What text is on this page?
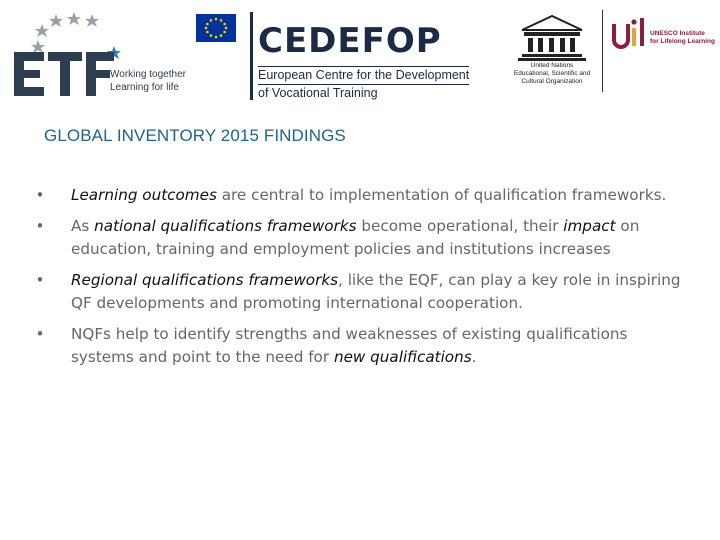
Working together
Learning for life
CEDEFOP
European Centre for the Development
of Vocational Training
United Nations
Educational, Scientific and
Cultural Organization
UNESCO Institute
for Lifelong Learning
GLOBAL INVENTORY 2015 FINDINGS
•	Learning outcomes are central to implementation of qualification frameworks.
•	As national qualifications frameworks become operational, their impact on education, training and employment policies and institutions increases
•	Regional qualifications frameworks, like the EQF, can play a key role in inspiring QF developments and promoting international cooperation.
•	NQFs help to identify strengths and weaknesses of existing qualifications systems and point to the need for new qualifications.
